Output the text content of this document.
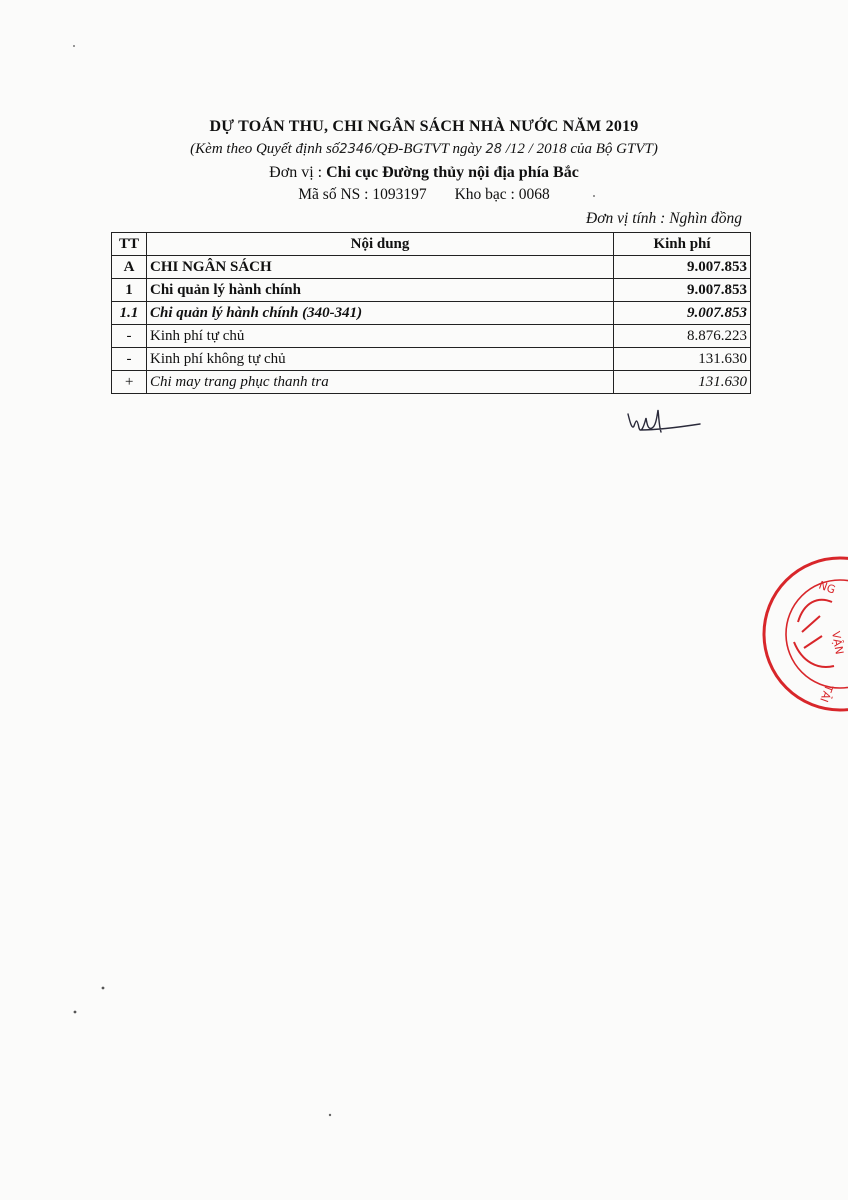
DỰ TOÁN THU, CHI NGÂN SÁCH NHÀ NƯỚC NĂM 2019
(Kèm theo Quyết định số2346/QĐ-BGTVT ngày 28 /12 / 2018 của Bộ GTVT)
Đơn vị : Chi cục Đường thủy nội địa phía Bắc
Mã số NS : 1093197 Kho bạc : 0068
Đơn vị tính : Nghìn đồng
TT	Nội dung	Kinh phí
A	CHI NGÂN SÁCH	9.007.853
1	Chi quản lý hành chính	9.007.853
1.1	Chi quản lý hành chính (340-341)	9.007.853
-	Kinh phí tự chủ	8.876.223
-	Kinh phí không tự chủ	131.630
+	Chi may trang phục thanh tra	131.630
NG
VẬN
TẢI
